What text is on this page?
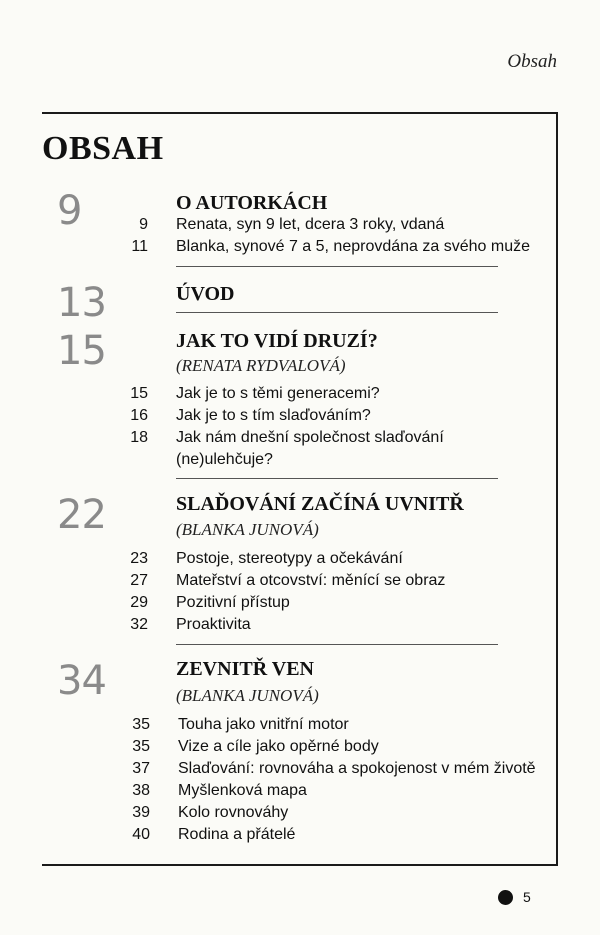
Obsah
OBSAH
9	O AUTORKÁCH
9 Renata, syn 9 let, dcera 3 roky, vdaná
11 Blanka, synové 7 a 5, neprovdána za svého muže
13	ÚVOD
15	JAK TO VIDÍ DRUZÍ?
(RENATA RYDVALOVÁ)
15 Jak je to s těmi generacemi?
16 Jak je to s tím slaďováním?
18 Jak nám dnešní společnost slaďování
(ne)ulehčuje?
22	SLAĎOVÁNÍ ZAČÍNÁ UVNITŘ
(BLANKA JUNOVÁ)
23 Postoje, stereotypy a očekávání
27 Mateřství a otcovství: měnící se obraz
29 Pozitivní přístup
32 Proaktivita
34	ZEVNITŘ VEN
(BLANKA JUNOVÁ)
35 Touha jako vnitřní motor
35 Vize a cíle jako opěrné body
37 Slaďování: rovnováha a spokojenost v mém životě
38 Myšlenková mapa
39 Kolo rovnováhy
40 Rodina a přátelé
5
